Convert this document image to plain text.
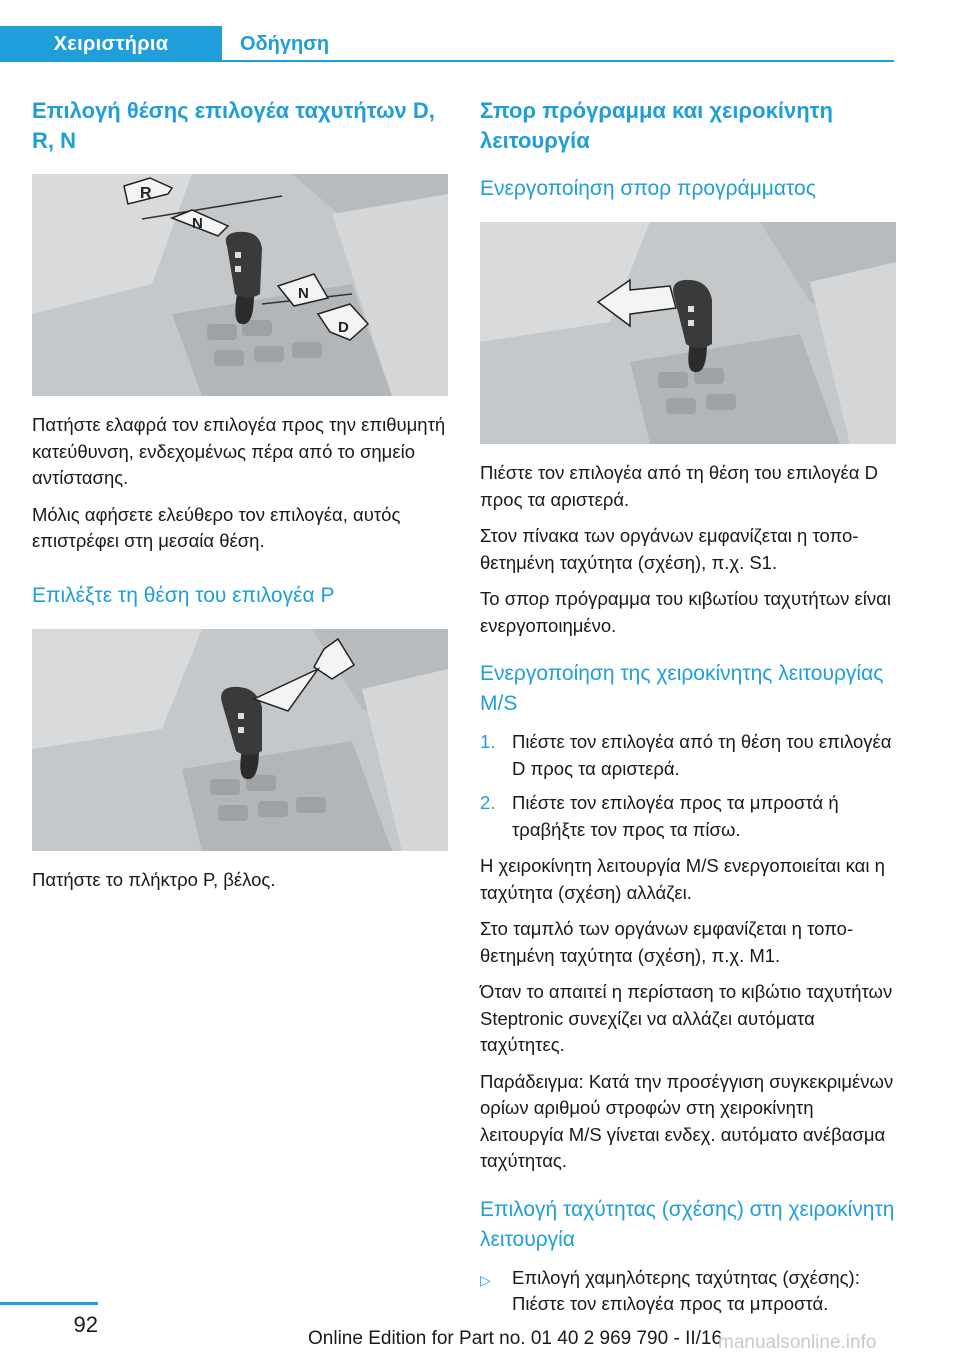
Χειριστήρια	Οδήγηση
Επιλογή θέσης επιλογέα ταχυτήτων D, R, N
R
N
N
D

Πατήστε ελαφρά τον επιλογέα προς την επιθυμητή κατεύθυνση, ενδεχομένως πέρα από το σημείο αντίστασης.

Μόλις αφήσετε ελεύθερο τον επιλογέα, αυτός επιστρέφει στη μεσαία θέση.

Επιλέξτε τη θέση του επιλογέα P

Πατήστε το πλήκτρο P, βέλος.

Σπορ πρόγραμμα και χειροκίνητη λειτουργία
Ενεργοποίηση σπορ προγράμματος

Πιέστε τον επιλογέα από τη θέση του επιλογέα D προς τα αριστερά.

Στον πίνακα των οργάνων εμφανίζεται η τοποθετημένη ταχύτητα (σχέση), π.χ. S1.

Το σπορ πρόγραμμα του κιβωτίου ταχυτήτων είναι ενεργοποιημένο.

Ενεργοποίηση της χειροκίνητης λειτουργίας M/S
1. Πιέστε τον επιλογέα από τη θέση του επιλογέα D προς τα αριστερά.
2. Πιέστε τον επιλογέα προς τα μπροστά ή τραβήξτε τον προς τα πίσω.

Η χειροκίνητη λειτουργία M/S ενεργοποιείται και η ταχύτητα (σχέση) αλλάζει.

Στο ταμπλό των οργάνων εμφανίζεται η τοποθετημένη ταχύτητα (σχέση), π.χ. M1.

Όταν το απαιτεί η περίσταση το κιβώτιο ταχυτήτων Steptronic συνεχίζει να αλλάζει αυτόματα ταχύτητες.

Παράδειγμα: Κατά την προσέγγιση συγκεκριμένων ορίων αριθμού στροφών στη χειροκίνητη λειτουργία M/S γίνεται ενδεχ. αυτόματο ανέβασμα ταχύτητας.

Επιλογή ταχύτητας (σχέσης) στη χειροκίνητη λειτουργία
▷	Επιλογή χαμηλότερης ταχύτητας (σχέσης): Πιέστε τον επιλογέα προς τα μπροστά.
92
Online Edition for Part no. 01 40 2 969 790 - II/16
manualsonline.info
